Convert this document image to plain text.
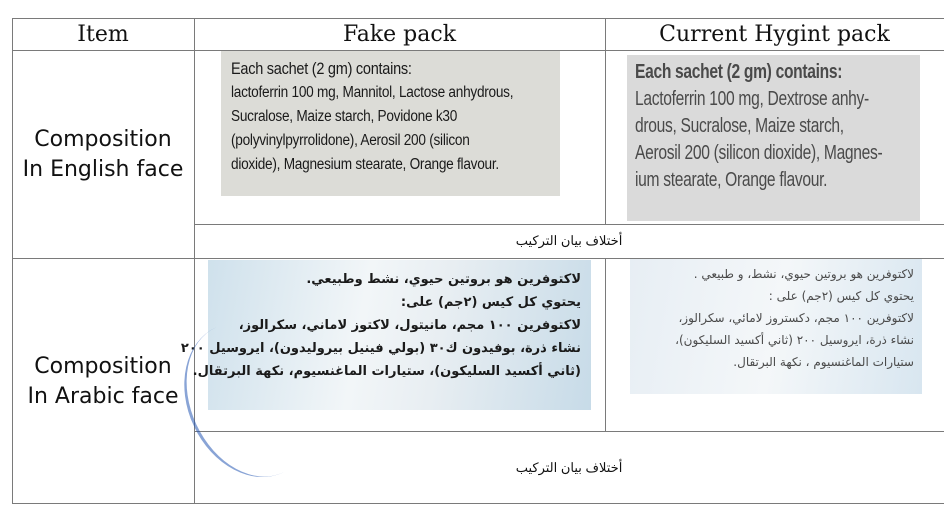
Item	Fake pack	Current Hygint pack
Composition
In English face

Each sachet (2 gm) contains:

lactoferrin 100 mg, Mannitol, Lactose anhydrous,

Sucralose, Maize starch, Povidone k30

(polyvinylpyrrolidone), Aerosil 200 (silicon

dioxide), Magnesium stearate, Orange flavour.

Each sachet (2 gm) contains:

Lactoferrin 100 mg, Dextrose anhy-

drous, Sucralose, Maize starch,

Aerosil 200 (silicon dioxide), Magnes-

ium stearate, Orange flavour.

أختلاف بيان التركيب
Composition
In Arabic face

لاكتوفرين هو بروتين حيوي، نشط وطبيعي.

يحتوي كل كيس (٢جم) على:

لاكتوفرين ١٠٠ مجم، مانيتول، لاكتوز لاماني، سكرالوز،

نشاء ذرة، بوفيدون ك٣٠ (بولي فينيل بيروليدون)، ايروسيل ٢٠٠

(ثاني أكسيد السليكون)، ستيارات الماغنسيوم، نكهة البرتقال.

لاكتوفرين هو بروتين حيوي، نشط، و طبيعي .

يحتوي كل كيس (٢جم) على :

لاكتوفرين ١٠٠ مجم، دكستروز لامائي، سكرالوز،

نشاء ذرة، ايروسيل ٢٠٠ (ثاني أكسيد السليكون)،

ستيارات الماغنسيوم ، نكهة البرتقال.

أختلاف بيان التركيب
